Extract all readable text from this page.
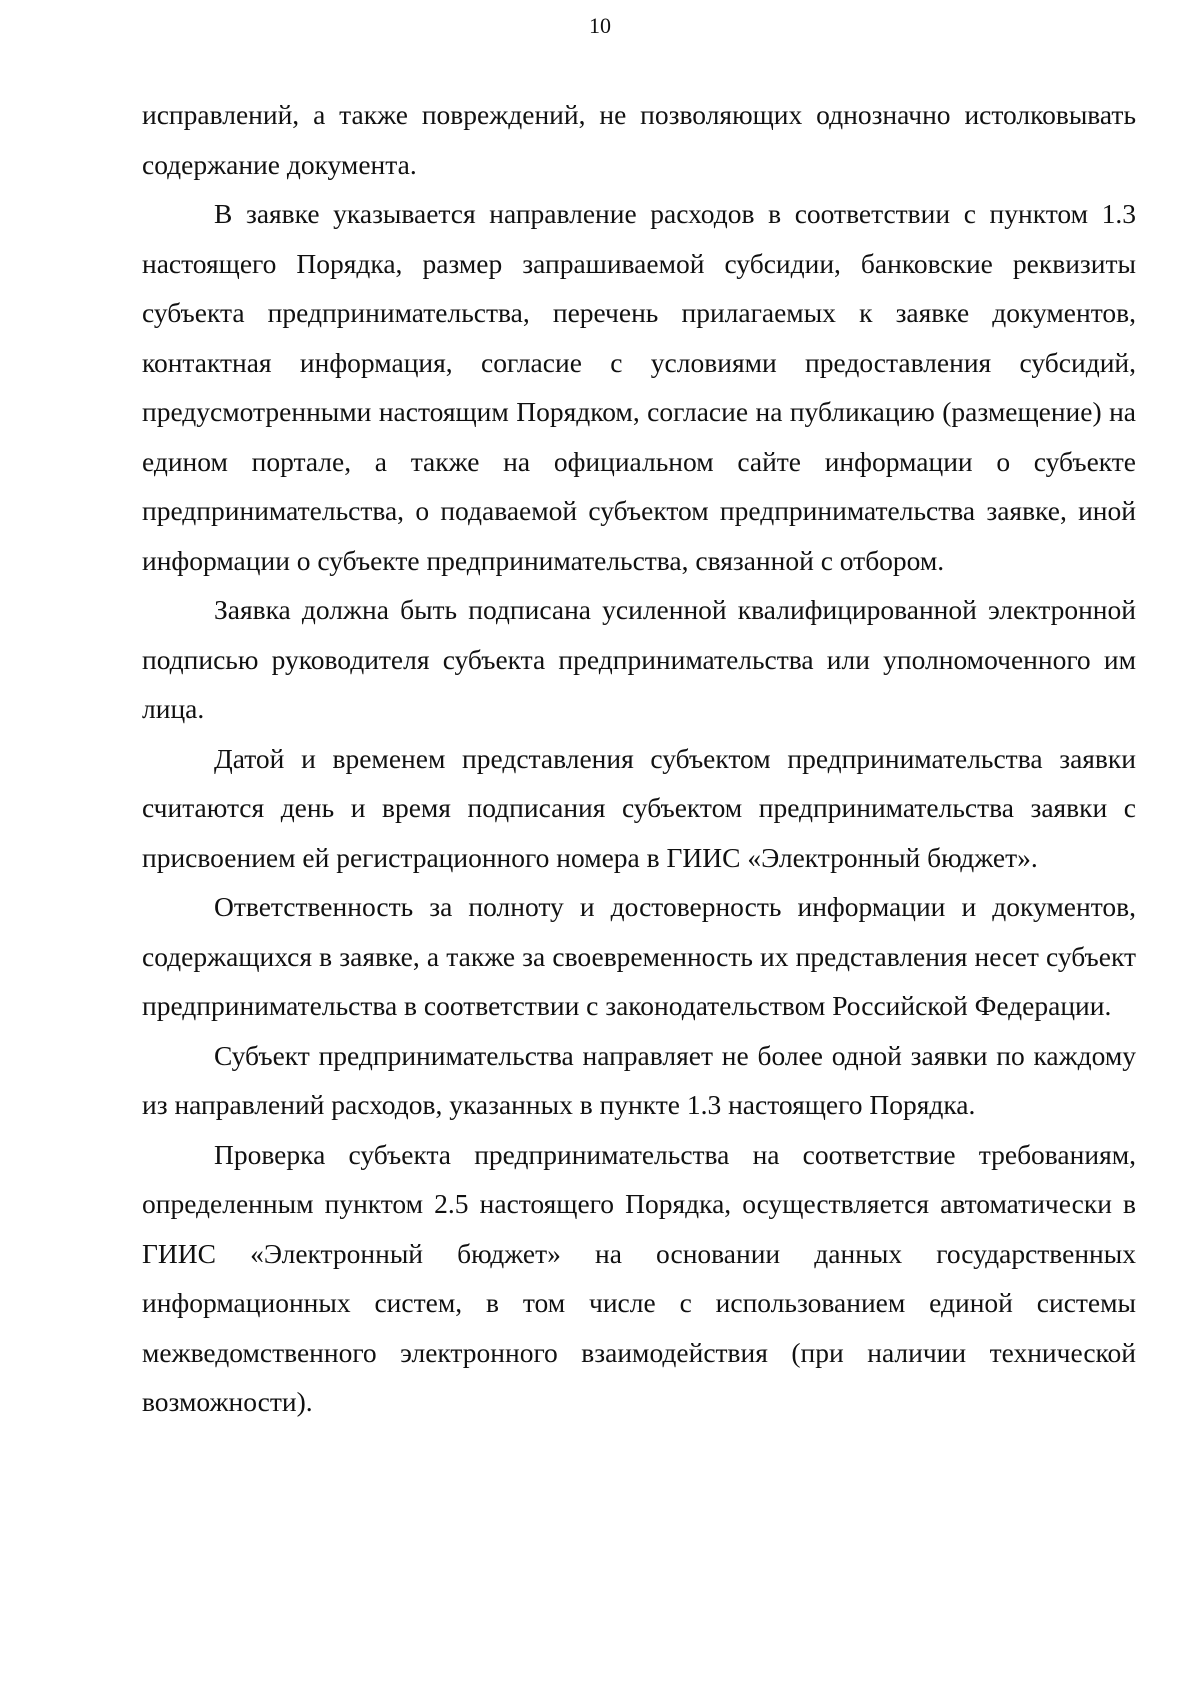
10

исправлений, а также повреждений, не позволяющих однозначно истолковывать содержание документа.

В заявке указывается направление расходов в соответствии с пунктом 1.3 настоящего Порядка, размер запрашиваемой субсидии, банковские реквизиты субъекта предпринимательства, перечень прилагаемых к заявке документов, контактная информация, согласие с условиями предоставления субсидий, предусмотренными настоящим Порядком, согласие на публикацию (размещение) на едином портале, а также на официальном сайте информации о субъекте предпринимательства, о подаваемой субъектом предпринимательства заявке, иной информации о субъекте предпринимательства, связанной с отбором.

Заявка должна быть подписана усиленной квалифицированной электронной подписью руководителя субъекта предпринимательства или уполномоченного им лица.

Датой и временем представления субъектом предпринимательства заявки считаются день и время подписания субъектом предпринимательства заявки с присвоением ей регистрационного номера в ГИИС «Электронный бюджет».

Ответственность за полноту и достоверность информации и документов, содержащихся в заявке, а также за своевременность их представления несет субъект предпринимательства в соответствии с законодательством Российской Федерации.

Субъект предпринимательства направляет не более одной заявки по каждому из направлений расходов, указанных в пункте 1.3 настоящего Порядка.

Проверка субъекта предпринимательства на соответствие требованиям, определенным пунктом 2.5 настоящего Порядка, осуществляется автоматически в ГИИС «Электронный бюджет» на основании данных государственных информационных систем, в том числе с использованием единой системы межведомственного электронного взаимодействия (при наличии технической возможности).
